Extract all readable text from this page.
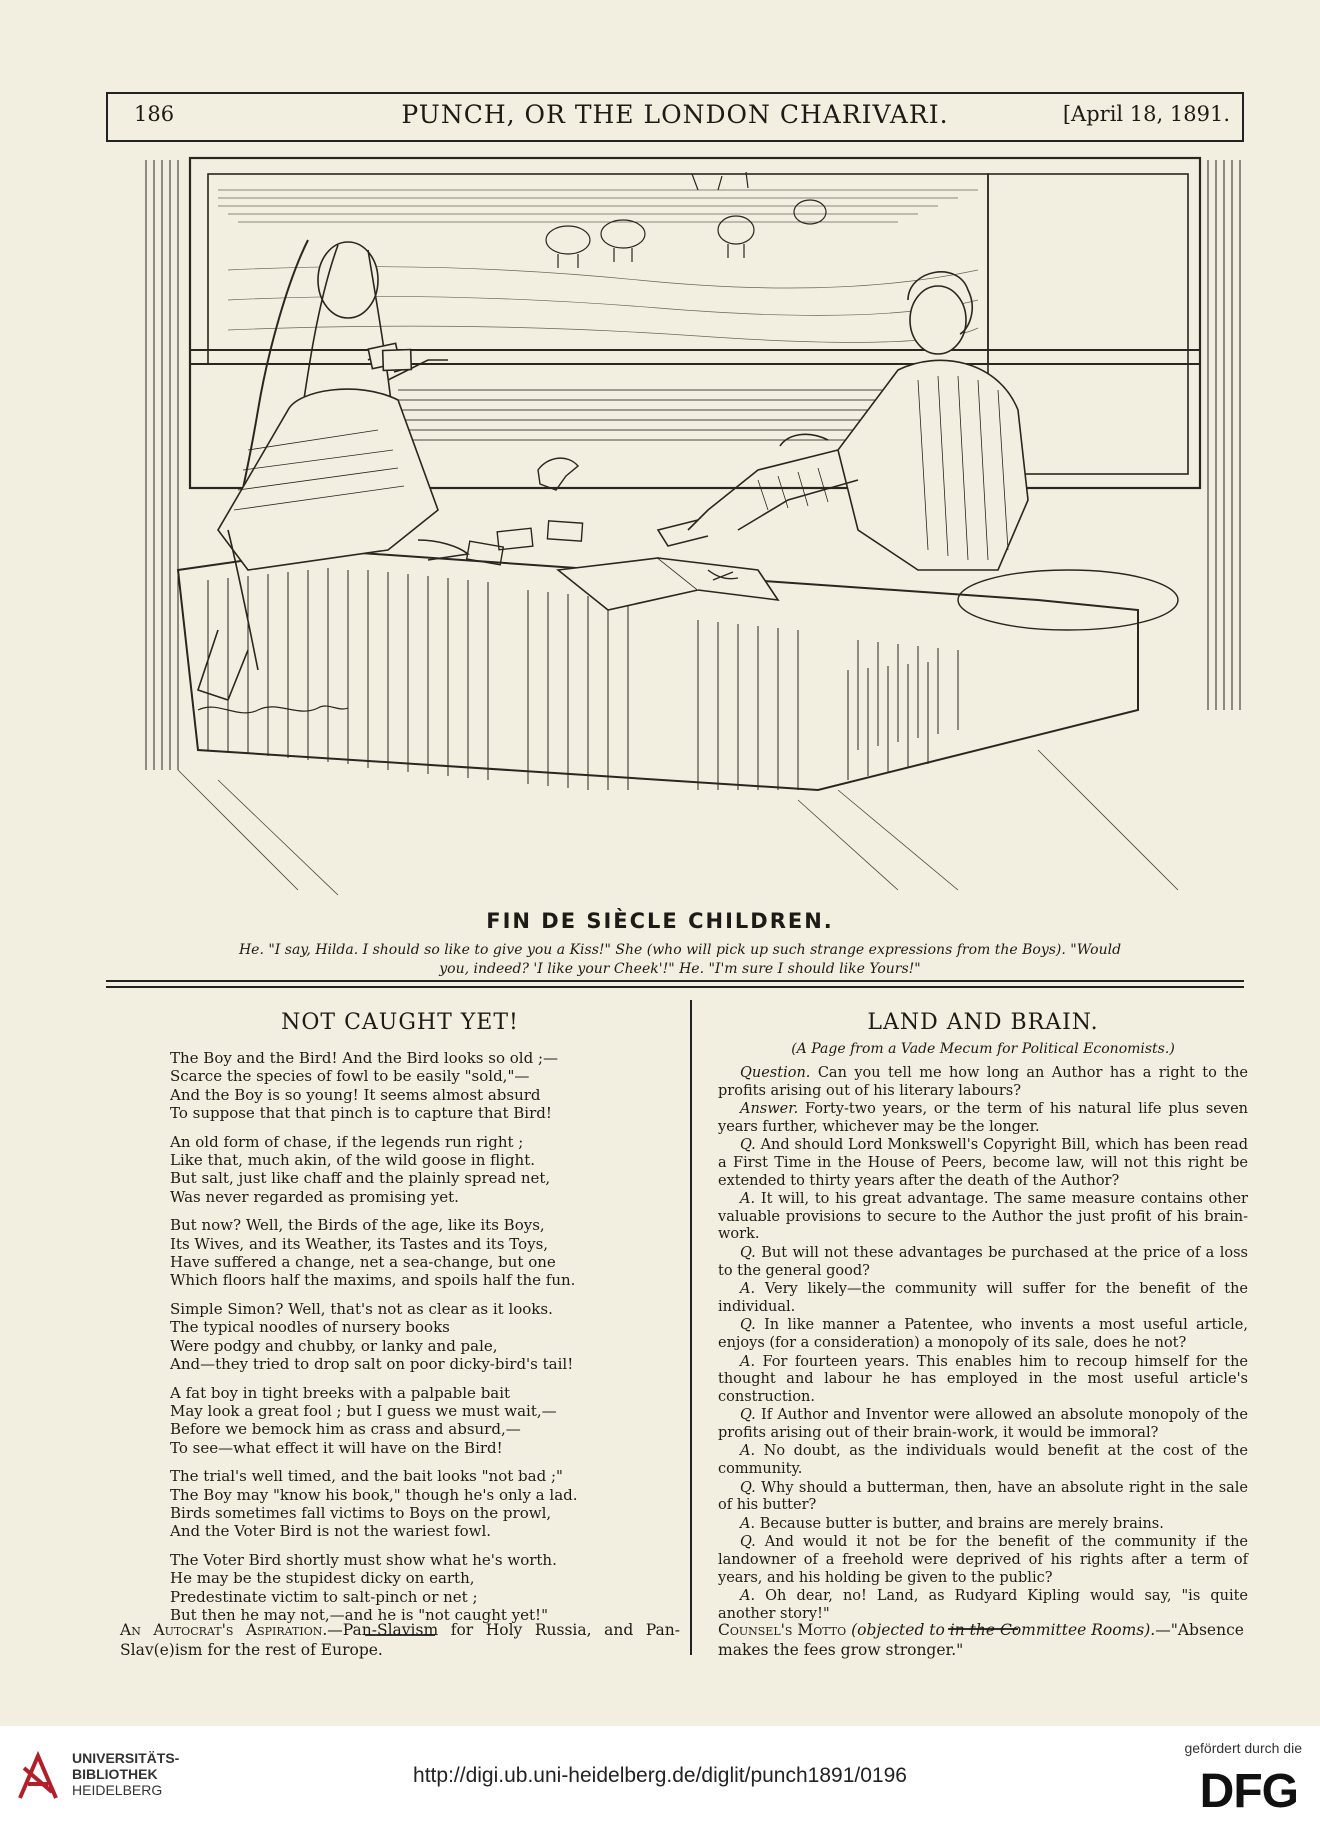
186	PUNCH, OR THE LONDON CHARIVARI.	[April 18, 1891.
FIN DE SIÈCLE CHILDREN.
He. "I say, Hilda. I should so like to give you a Kiss!" She (who will pick up such strange expressions from the Boys). "Would
you, indeed? 'I like your Cheek'!" He. "I'm sure I should like Yours!"
NOT CAUGHT YET!
The Boy and the Bird! And the Bird looks so old ;—
Scarce the species of fowl to be easily "sold,"—
And the Boy is so young! It seems almost absurd
To suppose that that pinch is to capture that Bird!
An old form of chase, if the legends run right ;
Like that, much akin, of the wild goose in flight.
But salt, just like chaff and the plainly spread net,
Was never regarded as promising yet.
But now? Well, the Birds of the age, like its Boys,
Its Wives, and its Weather, its Tastes and its Toys,
Have suffered a change, net a sea-change, but one
Which floors half the maxims, and spoils half the fun.
Simple Simon? Well, that's not as clear as it looks.
The typical noodles of nursery books
Were podgy and chubby, or lanky and pale,
And—they tried to drop salt on poor dicky-bird's tail!
A fat boy in tight breeks with a palpable bait
May look a great fool ; but I guess we must wait,—
Before we bemock him as crass and absurd,—
To see—what effect it will have on the Bird!
The trial's well timed, and the bait looks "not bad ;"
The Boy may "know his book," though he's only a lad.
Birds sometimes fall victims to Boys on the prowl,
And the Voter Bird is not the wariest fowl.
The Voter Bird shortly must show what he's worth.
He may be the stupidest dicky on earth,
Predestinate victim to salt-pinch or net ;
But then he may not,—and he is "not caught yet!"
LAND AND BRAIN.
(A Page from a Vade Mecum for Political Economists.)

Question. Can you tell me how long an Author has a right to the profits arising out of his literary labours?

Answer. Forty-two years, or the term of his natural life plus seven years further, whichever may be the longer.

Q. And should Lord Monkswell's Copyright Bill, which has been read a First Time in the House of Peers, become law, will not this right be extended to thirty years after the death of the Author?

A. It will, to his great advantage. The same measure contains other valuable provisions to secure to the Author the just profit of his brain-work.

Q. But will not these advantages be purchased at the price of a loss to the general good?

A. Very likely—the community will suffer for the benefit of the individual.

Q. In like manner a Patentee, who invents a most useful article, enjoys (for a consideration) a monopoly of its sale, does he not?

A. For fourteen years. This enables him to recoup himself for the thought and labour he has employed in the most useful article's construction.

Q. If Author and Inventor were allowed an absolute monopoly of the profits arising out of their brain-work, it would be immoral?

A. No doubt, as the individuals would benefit at the cost of the community.

Q. Why should a butterman, then, have an absolute right in the sale of his butter?

A. Because butter is butter, and brains are merely brains.

Q. And would it not be for the benefit of the community if the landowner of a freehold were deprived of his rights after a term of years, and his holding be given to the public?

A. Oh dear, no! Land, as Rudyard Kipling would say, "is quite another story!"

An Autocrat's Aspiration.—Pan-Slavism for Holy Russia, and Pan-Slav(e)ism for the rest of Europe.
Counsel's Motto (objected to in the Committee Rooms).—"Absence makes the fees grow stronger."
UNIVERSITÄTS-
BIBLIOTHEK
HEIDELBERG
http://digi.ub.uni-heidelberg.de/diglit/punch1891/0196
gefördert durch die
DFG
